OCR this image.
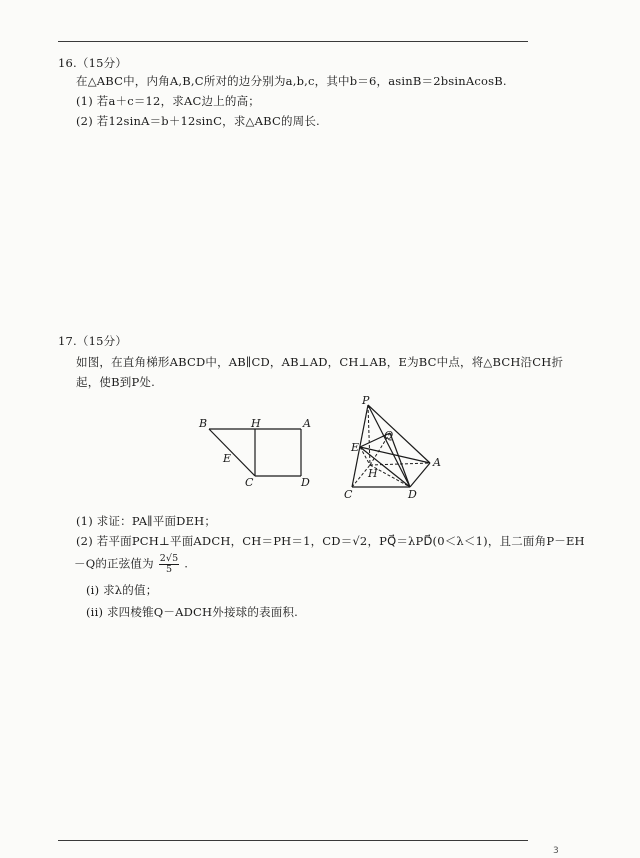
16.（15分）
在△ABC中，内角A,B,C所对的边分别为a,b,c，其中b＝6，asinB＝2bsinAcosB.
(1) 若a＋c＝12，求AC边上的高；
(2) 若12sinA＝b＋12sinC，求△ABC的周长.
17.（15分）
如图，在直角梯形ABCD中，AB∥CD，AB⊥AD，CH⊥AB，E为BC中点，将△BCH沿CH折
起，使B到P处.
B	H	A
E
C	D
P
Q
E
H
A
C	D
(1) 求证：PA∥平面DEH；
(2) 若平面PCH⊥平面ADCH，CH＝PH＝1，CD＝√2，PQ⃗＝λPD⃗(0＜λ＜1)，且二面角P－EH
－Q的正弦值为 $\frac{2√5}{5}$ .
(i) 求λ的值；
(ii) 求四棱锥Q－ADCH外接球的表面积.
3
